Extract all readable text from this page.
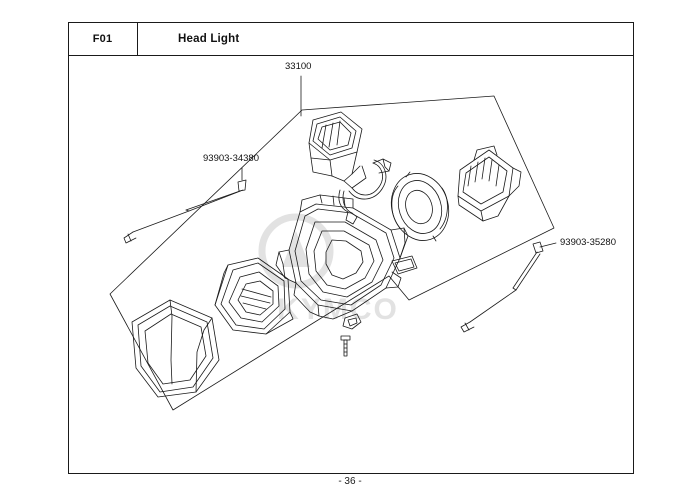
F01	Head Light
KYMCO
33100
93903-34380
93903-35280
- 36 -
